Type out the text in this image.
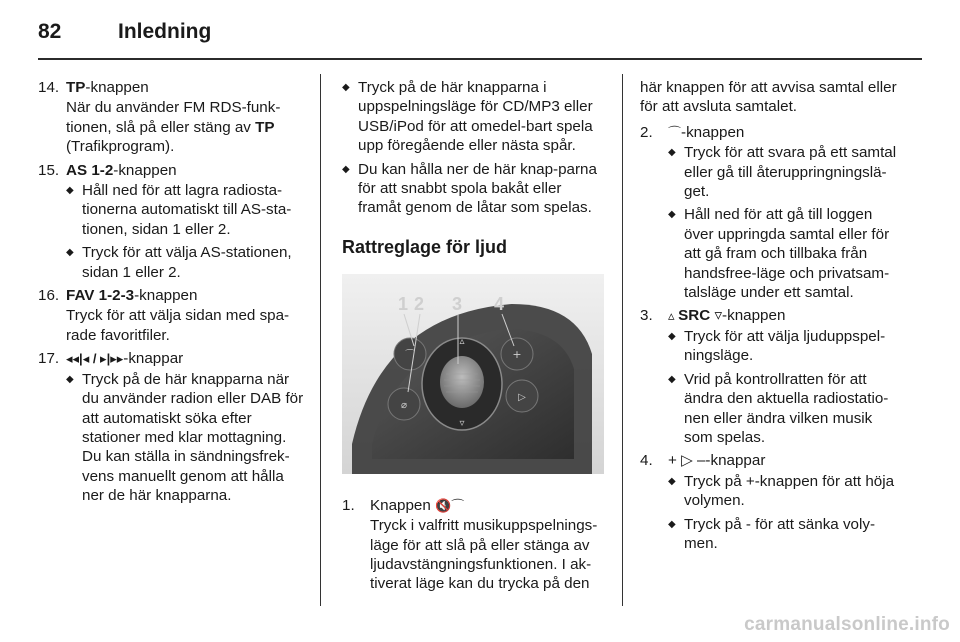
82	Inledning
14. TP-knappen
När du använder FM RDS-funk-tionen, slå på eller stäng av TP (Trafikprogram).
15. AS 1-2-knappen
◆ Håll ned för att lagra radiosta-tionerna automatiskt till AS-sta-tionen, sidan 1 eller 2.
◆ Tryck för att välja AS-stationen, sidan 1 eller 2.
16. FAV 1-2-3-knappen
Tryck för att välja sidan med spa-rade favoritfiler.
17. ◂◂|◂ / ▸|▸▸-knappar
◆ Tryck på de här knapparna när du använder radion eller DAB för att automatiskt söka efter stationer med klar mottagning. Du kan ställa in sändningsfrek-vens manuellt genom att hålla ner de här knapparna.
◆ Tryck på de här knapparna i uppspelningsläge för CD/MP3 eller USB/iPod för att omedel-bart spela upp föregående eller nästa spår.
◆ Du kan hålla ner de här knap-parna för att snabbt spola bakåt eller framåt genom de låtar som spelas.
Rattreglage för ljud
▵
▿
⌒
⌀
+
▷
1 2 3 4
1. Knappen 🔇⌒
Tryck i valfritt musikuppspelnings-läge för att slå på eller stänga av ljudavstängningsfunktionen. I ak-tiverat läge kan du trycka på den
här knappen för att avvisa samtal eller för att avsluta samtalet.
2. ⌒-knappen
◆ Tryck för att svara på ett samtal eller gå till återuppringningslä-get.
◆ Håll ned för att gå till loggen över uppringda samtal eller för att gå fram och tillbaka från handsfree-läge och privatsam-talsläge under ett samtal.
3. ▵ SRC ▿-knappen
◆ Tryck för att välja ljuduppspel-ningsläge.
◆ Vrid på kontrollratten för att ändra den aktuella radiostatio-nen eller ändra vilken musik som spelas.
4. + ▷ –-knappar
◆ Tryck på +-knappen för att höja volymen.
◆ Tryck på - för att sänka voly-men.
carmanualsonline.info
